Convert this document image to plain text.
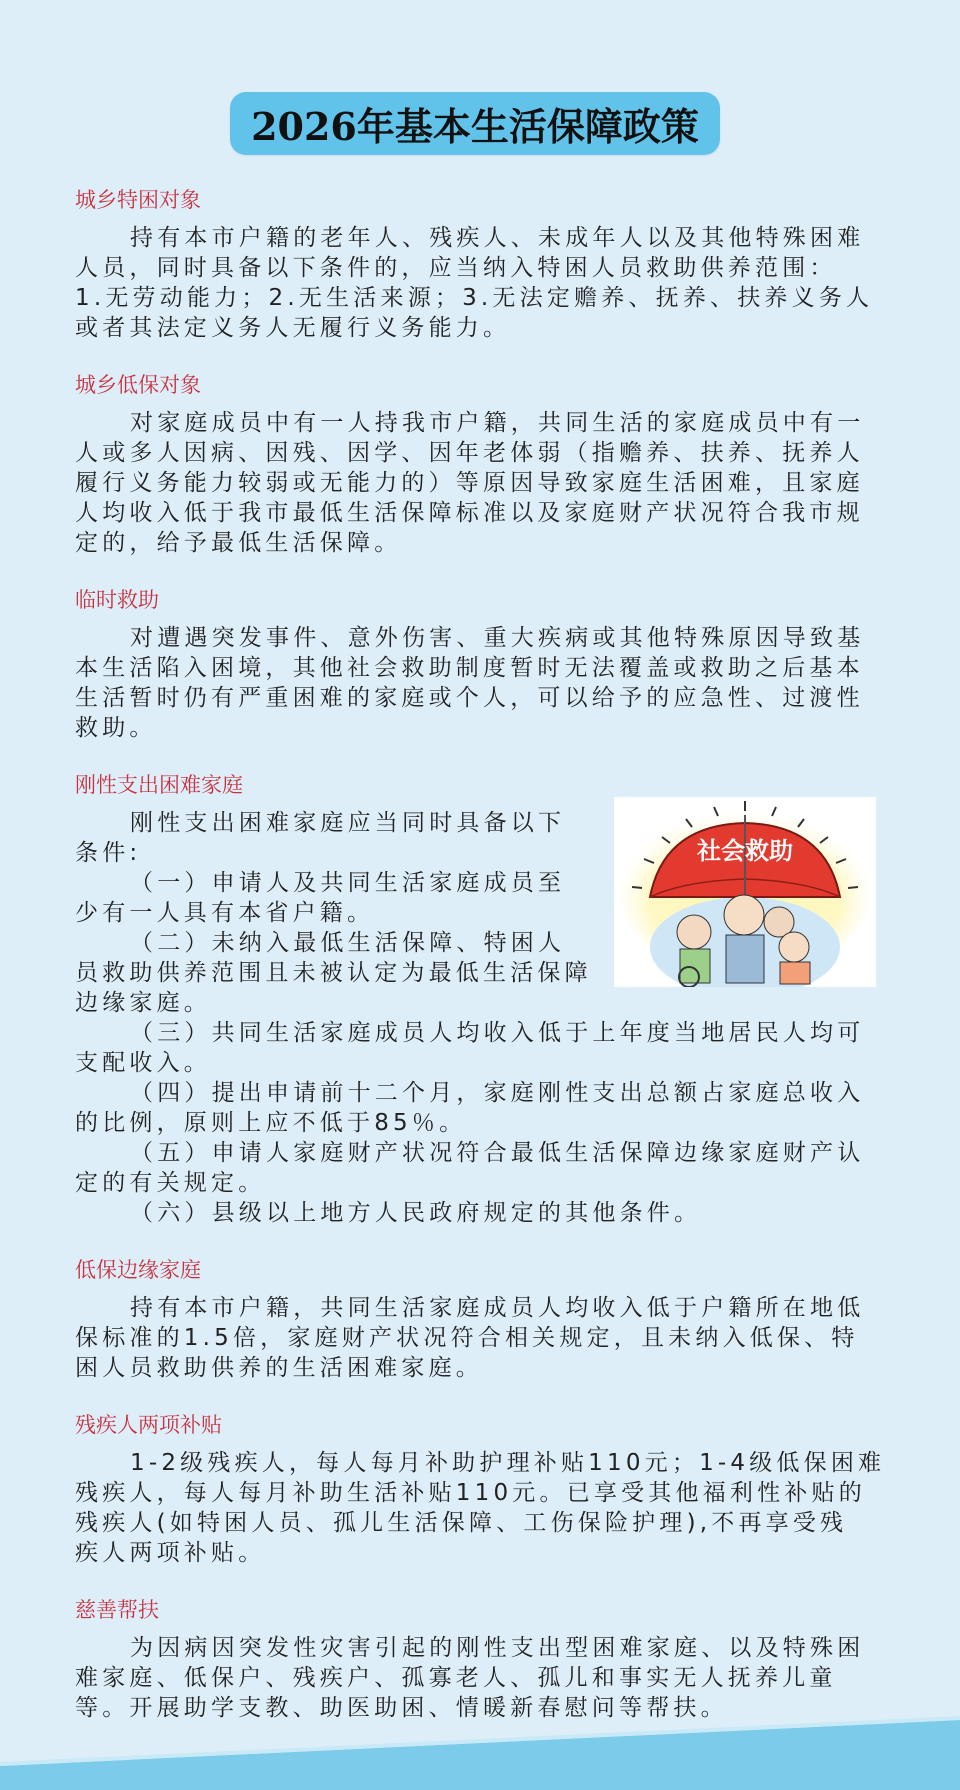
2026年基本生活保障政策
城乡特困对象
持有本市户籍的老年人、残疾人、未成年人以及其他特殊困难
人员，同时具备以下条件的，应当纳入特困人员救助供养范围：
1.无劳动能力；2.无生活来源；3.无法定赡养、抚养、扶养义务人
或者其法定义务人无履行义务能力。
城乡低保对象
对家庭成员中有一人持我市户籍，共同生活的家庭成员中有一
人或多人因病、因残、因学、因年老体弱（指赡养、扶养、抚养人
履行义务能力较弱或无能力的）等原因导致家庭生活困难，且家庭
人均收入低于我市最低生活保障标准以及家庭财产状况符合我市规
定的，给予最低生活保障。
临时救助
对遭遇突发事件、意外伤害、重大疾病或其他特殊原因导致基
本生活陷入困境，其他社会救助制度暂时无法覆盖或救助之后基本
生活暂时仍有严重困难的家庭或个人，可以给予的应急性、过渡性
救助。
刚性支出困难家庭
刚性支出困难家庭应当同时具备以下
条件:
（一）申请人及共同生活家庭成员至
少有一人具有本省户籍。
（二）未纳入最低生活保障、特困人
员救助供养范围且未被认定为最低生活保障
边缘家庭。
（三）共同生活家庭成员人均收入低于上年度当地居民人均可
支配收入。
（四）提出申请前十二个月，家庭刚性支出总额占家庭总收入
的比例，原则上应不低于85％。
（五）申请人家庭财产状况符合最低生活保障边缘家庭财产认
定的有关规定。
（六）县级以上地方人民政府规定的其他条件。
低保边缘家庭
持有本市户籍，共同生活家庭成员人均收入低于户籍所在地低
保标准的1.5倍，家庭财产状况符合相关规定，且未纳入低保、特
困人员救助供养的生活困难家庭。
残疾人两项补贴
1-2级残疾人，每人每月补助护理补贴110元；1-4级低保困难
残疾人，每人每月补助生活补贴110元。已享受其他福利性补贴的
残疾人(如特困人员、孤儿生活保障、工伤保险护理),不再享受残
疾人两项补贴。
慈善帮扶
为因病因突发性灾害引起的刚性支出型困难家庭、以及特殊困
难家庭、低保户、残疾户、孤寡老人、孤儿和事实无人抚养儿童
等。开展助学支教、助医助困、情暖新春慰问等帮扶。
社会救助
